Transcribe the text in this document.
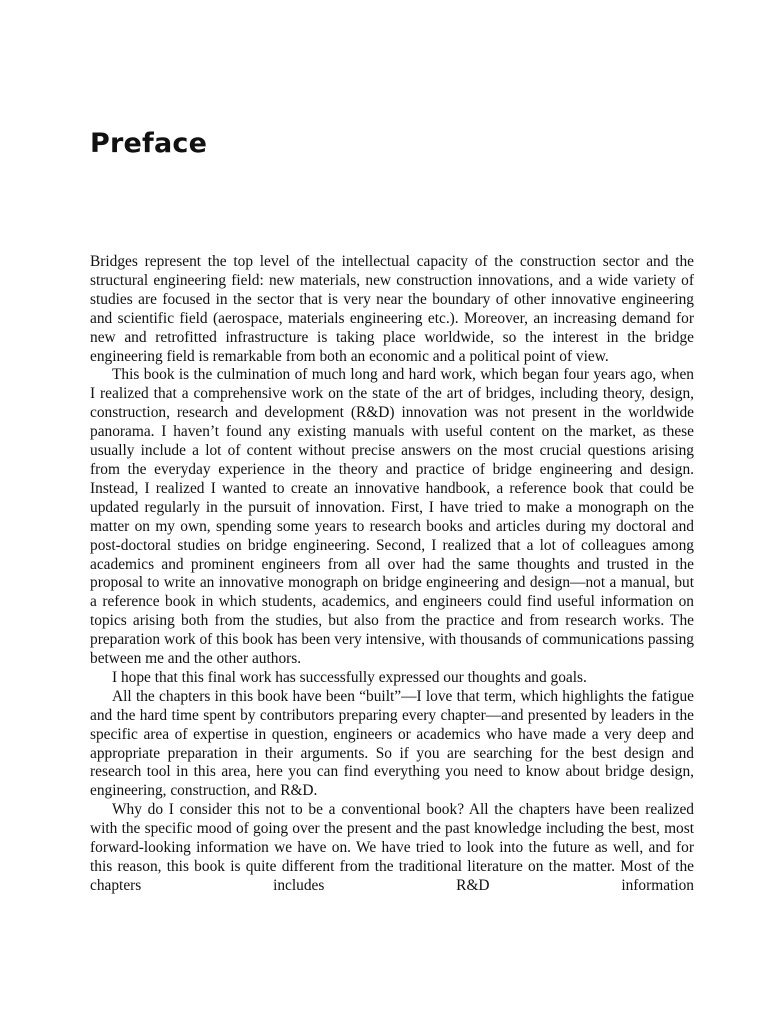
Preface

Bridges represent the top level of the intellectual capacity of the construction sector and the structural engineering field: new materials, new construction innovations, and a wide variety of studies are focused in the sector that is very near the boundary of other innovative engineering and scientific field (aerospace, materials engineering etc.). Moreover, an increasing demand for new and retrofitted infrastructure is taking place worldwide, so the interest in the bridge engineering field is remarkable from both an economic and a political point of view.

This book is the culmination of much long and hard work, which began four years ago, when I realized that a comprehensive work on the state of the art of bridges, including theory, design, construction, research and development (R&D) innovation was not present in the worldwide panorama. I haven’t found any existing manuals with useful content on the market, as these usually include a lot of content without precise answers on the most crucial questions arising from the everyday experience in the theory and practice of bridge engineering and design. Instead, I realized I wanted to create an innovative handbook, a reference book that could be updated regularly in the pursuit of innovation. First, I have tried to make a monograph on the matter on my own, spending some years to research books and articles during my doctoral and post-doctoral studies on bridge engineering. Second, I realized that a lot of colleagues among academics and prominent engineers from all over had the same thoughts and trusted in the proposal to write an innovative monograph on bridge engineering and design—not a manual, but a reference book in which students, academics, and engineers could find useful information on topics arising both from the studies, but also from the practice and from research works. The preparation work of this book has been very intensive, with thousands of communications passing between me and the other authors.

I hope that this final work has successfully expressed our thoughts and goals.

All the chapters in this book have been “built”—I love that term, which highlights the fatigue and the hard time spent by contributors preparing every chapter—and presented by leaders in the specific area of expertise in question, engineers or academics who have made a very deep and appropriate preparation in their arguments. So if you are searching for the best design and research tool in this area, here you can find everything you need to know about bridge design, engineering, construction, and R&D.

Why do I consider this not to be a conventional book? All the chapters have been realized with the specific mood of going over the present and the past knowledge including the best, most forward-looking information we have on. We have tried to look into the future as well, and for this reason, this book is quite different from the traditional literature on the matter. Most of the chapters includes R&D information
